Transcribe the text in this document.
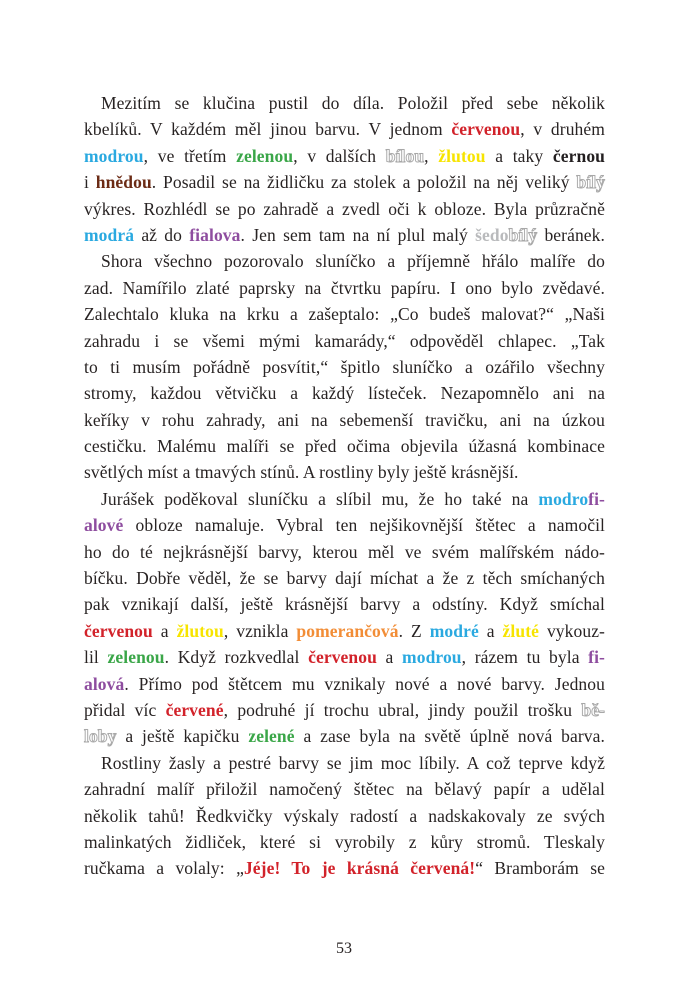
Mezitím se klučina pustil do díla. Položil před sebe několik
kbelíků. V každém měl jinou barvu. V jednom červenou, v druhém
modrou, ve třetím zelenou, v dalších bílou, žlutou a taky černou
i hnědou. Posadil se na židličku za stolek a položil na něj veliký bílý
výkres. Rozhlédl se po zahradě a zvedl oči k obloze. Byla průzračně
modrá až do fialova. Jen sem tam na ní plul malý šedobílý beránek.
Shora všechno pozorovalo sluníčko a příjemně hřálo malíře do
zad. Namířilo zlaté paprsky na čtvrtku papíru. I ono bylo zvědavé.
Zalechtalo kluka na krku a zašeptalo: „Co budeš malovat?“ „Naši
zahradu i se všemi mými kamarády,“ odpověděl chlapec. „Tak
to ti musím pořádně posvítit,“ špitlo sluníčko a ozářilo všechny
stromy, každou větvičku a každý lísteček. Nezapomnělo ani na
keříky v rohu zahrady, ani na sebemenší travičku, ani na úzkou
cestičku. Malému malíři se před očima objevila úžasná kombinace
světlých míst a tmavých stínů. A rostliny byly ještě krásnější.
Jurášek poděkoval sluníčku a slíbil mu, že ho také na modrofi-
alové obloze namaluje. Vybral ten nejšikovnější štětec a namočil
ho do té nejkrásnější barvy, kterou měl ve svém malířském nádo-
bíčku. Dobře věděl, že se barvy dají míchat a že z těch smíchaných
pak vznikají další, ještě krásnější barvy a odstíny. Když smíchal
červenou a žlutou, vznikla pomerančová. Z modré a žluté vykouz-
lil zelenou. Když rozkvedlal červenou a modrou, rázem tu byla fi-
alová. Přímo pod štětcem mu vznikaly nové a nové barvy. Jednou
přidal víc červené, podruhé jí trochu ubral, jindy použil trošku bě-
loby a ještě kapičku zelené a zase byla na světě úplně nová barva.
Rostliny žasly a pestré barvy se jim moc líbily. A což teprve když
zahradní malíř přiložil namočený štětec na bělavý papír a udělal
několik tahů! Ředkvičky výskaly radostí a nadskakovaly ze svých
malinkatých židliček, které si vyrobily z kůry stromů. Tleskaly
ručkama a volaly: „Jéje! To je krásná červená!“ Bramborám se
53
